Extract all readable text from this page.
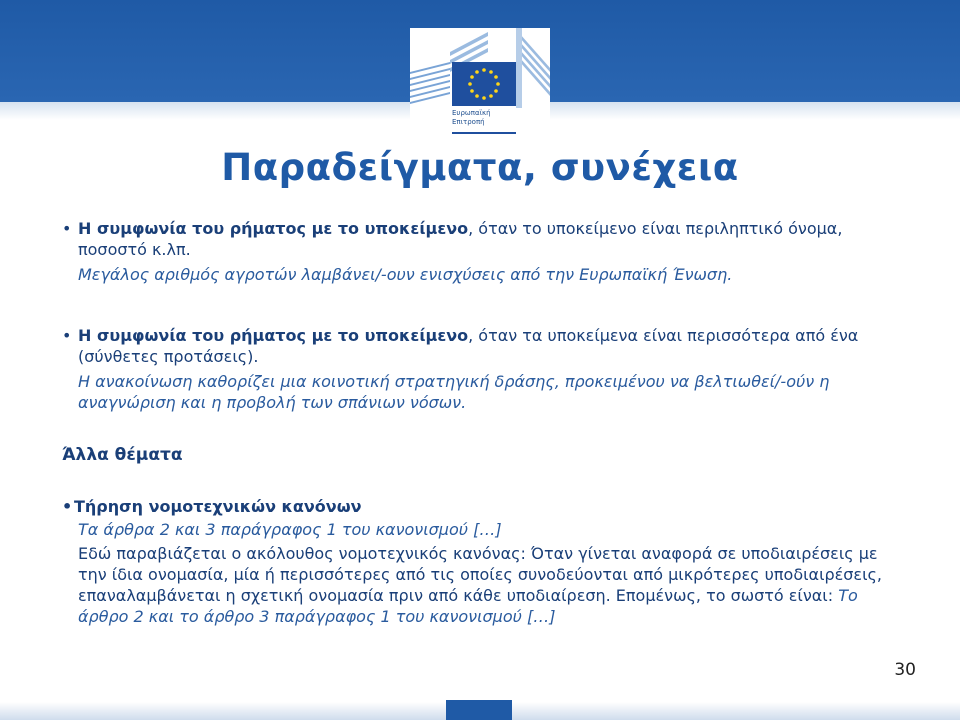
Ευρωπαϊκή
Επιτροπή
Παραδείγματα, συνέχεια
• Η συμφωνία του ρήματος με το υποκείμενο, όταν το υποκείμενο είναι περιληπτικό όνομα, ποσοστό κ.λπ.
Μεγάλος αριθμός αγροτών λαμβάνει/-ουν ενισχύσεις από την Ευρωπαϊκή Ένωση.
• Η συμφωνία του ρήματος με το υποκείμενο, όταν τα υποκείμενα είναι περισσότερα από ένα (σύνθετες προτάσεις).
Η ανακοίνωση καθορίζει μια κοινοτική στρατηγική δράσης, προκειμένου να βελτιωθεί/-ούν η αναγνώριση και η προβολή των σπάνιων νόσων.
Άλλα θέματα
• Τήρηση νομοτεχνικών κανόνων
Τα άρθρα 2 και 3 παράγραφος 1 του κανονισμού […]
Εδώ παραβιάζεται ο ακόλουθος νομοτεχνικός κανόνας: Όταν γίνεται αναφορά σε υποδιαιρέσεις με την ίδια ονομασία, μία ή περισσότερες από τις οποίες συνοδεύονται από μικρότερες υποδιαιρέσεις, επαναλαμβάνεται η σχετική ονομασία πριν από κάθε υποδιαίρεση. Επομένως, το σωστό είναι: Το άρθρο 2 και το άρθρο 3 παράγραφος 1 του κανονισμού […]
30
